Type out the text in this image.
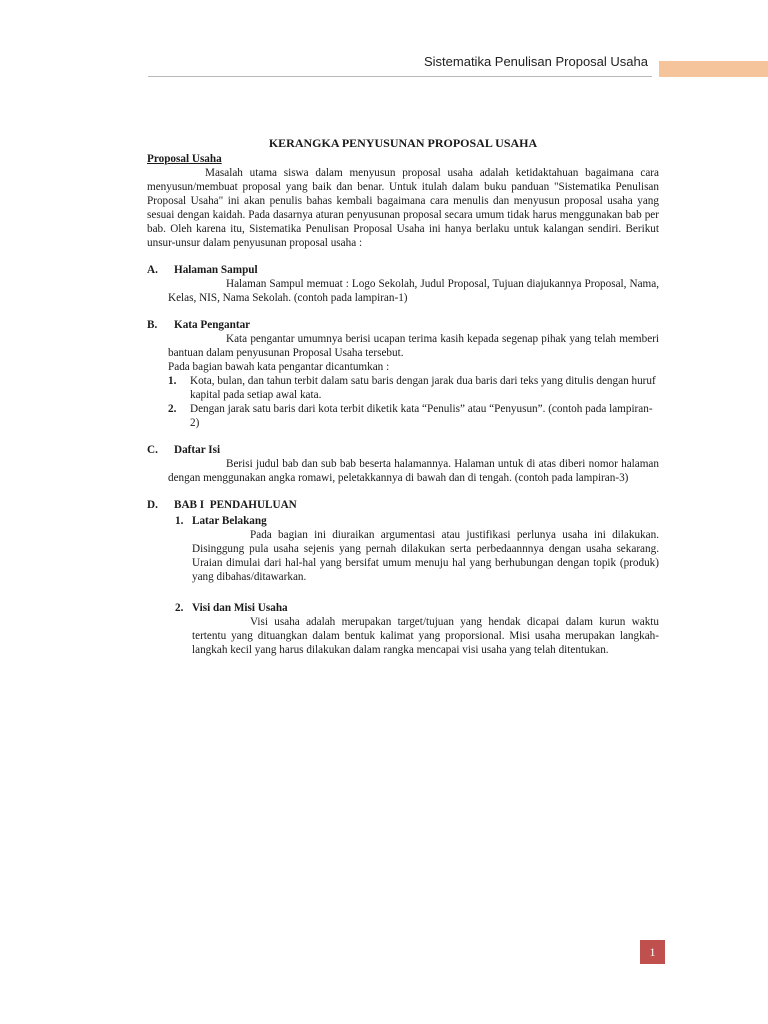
Sistematika Penulisan Proposal Usaha

KERANGKA PENYUSUNAN PROPOSAL USAHA

Proposal Usaha

Masalah utama siswa dalam menyusun proposal usaha adalah ketidaktahuan bagaimana cara menyusun/membuat proposal yang baik dan benar. Untuk itulah dalam buku panduan "Sistematika Penulisan Proposal Usaha" ini akan penulis bahas kembali bagaimana cara menulis dan menyusun proposal usaha yang sesuai dengan kaidah. Pada dasarnya aturan penyusunan proposal secara umum tidak harus menggunakan bab per bab. Oleh karena itu, Sistematika Penulisan Proposal Usaha ini hanya berlaku untuk kalangan sendiri. Berikut unsur-unsur dalam penyusunan proposal usaha :

A.	Halaman Sampul

Halaman Sampul memuat : Logo Sekolah, Judul Proposal, Tujuan diajukannya Proposal, Nama, Kelas, NIS, Nama Sekolah. (contoh pada lampiran-1)

B.	Kata Pengantar

Kata pengantar umumnya berisi ucapan terima kasih kepada segenap pihak yang telah memberi bantuan dalam penyusunan Proposal Usaha tersebut.

Pada bagian bawah kata pengantar dicantumkan :

1.	Kota, bulan, dan tahun terbit dalam satu baris dengan jarak dua baris dari teks yang ditulis dengan huruf kapital pada setiap awal kata.
2.	Dengan jarak satu baris dari kota terbit diketik kata “Penulis” atau “Penyusun”. (contoh pada lampiran-2)

C.	Daftar Isi

Berisi judul bab dan sub bab beserta halamannya. Halaman untuk di atas diberi nomor halaman dengan menggunakan angka romawi, peletakkannya di bawah dan di tengah. (contoh pada lampiran-3)

D.	BAB I  PENDAHULUAN

1. Latar Belakang

Pada bagian ini diuraikan argumentasi atau justifikasi perlunya usaha ini dilakukan. Disinggung pula usaha sejenis yang pernah dilakukan serta perbedaannnya dengan usaha sekarang. Uraian dimulai dari hal-hal yang bersifat umum menuju hal yang berhubungan dengan topik (produk) yang dibahas/ditawarkan.

2. Visi dan Misi Usaha

Visi usaha adalah merupakan target/tujuan yang hendak dicapai dalam kurun waktu tertentu yang dituangkan dalam bentuk kalimat yang proporsional. Misi usaha merupakan langkah-langkah kecil yang harus dilakukan dalam rangka mencapai visi usaha yang telah ditentukan.

1
